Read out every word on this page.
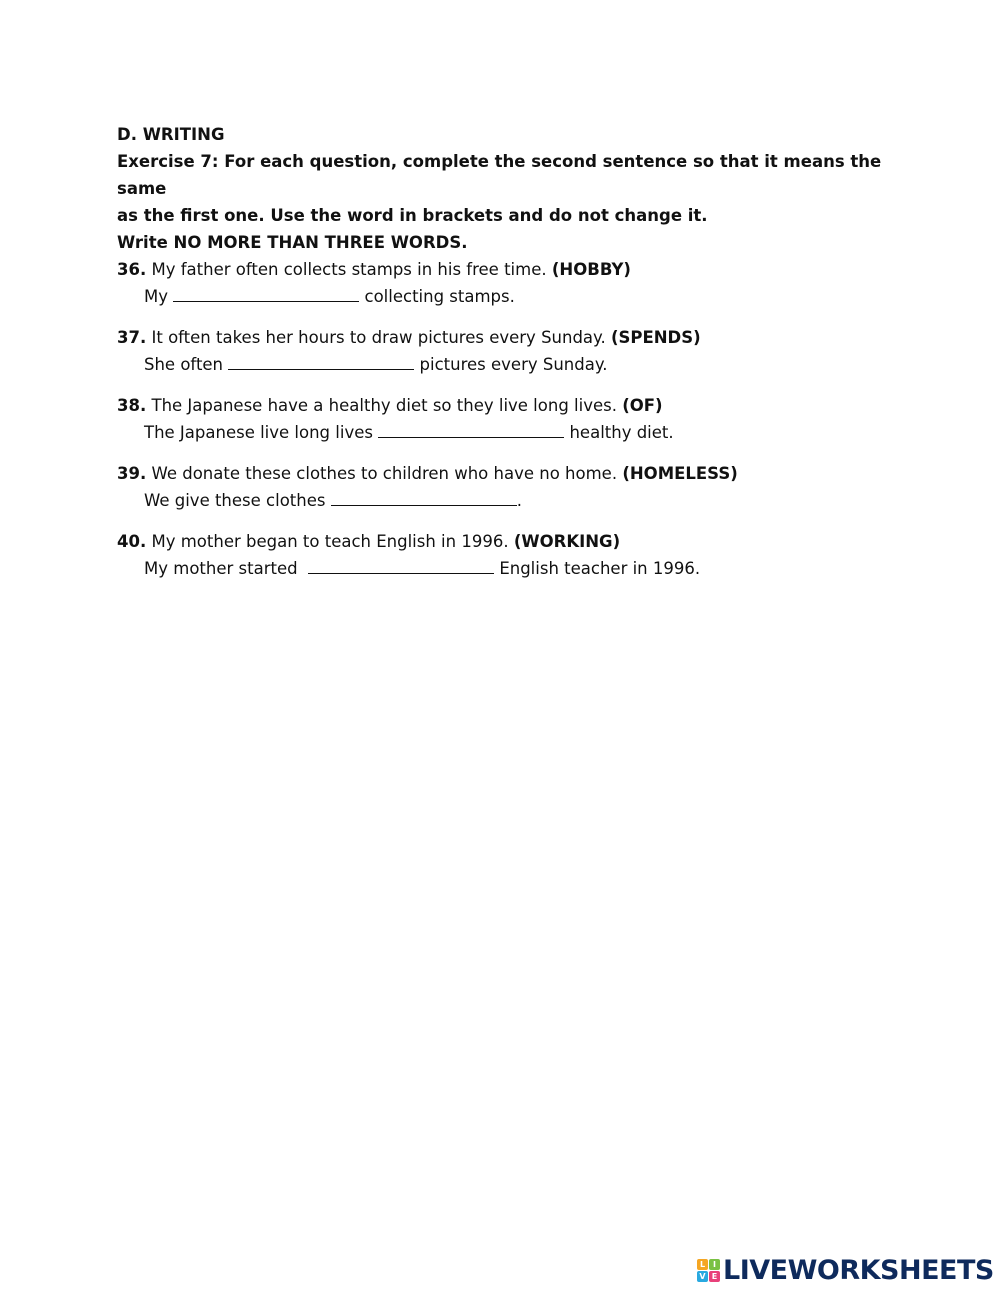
D. WRITING
Exercise 7: For each question, complete the second sentence so that it means the same
as the first one. Use the word in brackets and do not change it.
Write NO MORE THAN THREE WORDS.
36. My father often collects stamps in his free time. (HOBBY)
My	collecting stamps.
37. It often takes her hours to draw pictures every Sunday. (SPENDS)
She often	pictures every Sunday.
38. The Japanese have a healthy diet so they live long lives. (OF)
The Japanese live long lives	healthy diet.
39. We donate these clothes to children who have no home. (HOMELESS)
We give these clothes	.
40. My mother began to teach English in 1996. (WORKING)
My mother started	English teacher in 1996.
L I
V E LIVEWORKSHEETS
